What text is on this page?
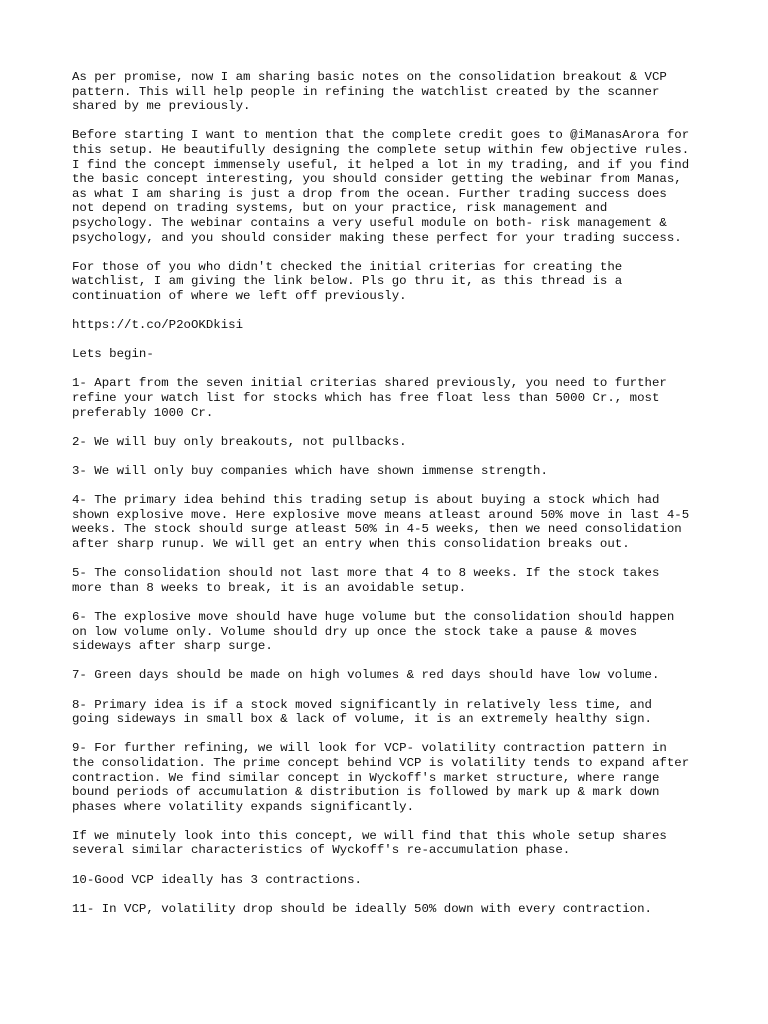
As per promise, now I am sharing basic notes on the consolidation breakout & VCP
pattern. This will help people in refining the watchlist created by the scanner
shared by me previously.

Before starting I want to mention that the complete credit goes to @iManasArora for
this setup. He beautifully designing the complete setup within few objective rules.
I find the concept immensely useful, it helped a lot in my trading, and if you find
the basic concept interesting, you should consider getting the webinar from Manas,
as what I am sharing is just a drop from the ocean. Further trading success does
not depend on trading systems, but on your practice, risk management and
psychology. The webinar contains a very useful module on both- risk management &
psychology, and you should consider making these perfect for your trading success.

For those of you who didn't checked the initial criterias for creating the
watchlist, I am giving the link below. Pls go thru it, as this thread is a
continuation of where we left off previously.

https://t.co/P2oOKDkisi

Lets begin-

1- Apart from the seven initial criterias shared previously, you need to further
refine your watch list for stocks which has free float less than 5000 Cr., most
preferably 1000 Cr.

2- We will buy only breakouts, not pullbacks.

3- We will only buy companies which have shown immense strength.

4- The primary idea behind this trading setup is about buying a stock which had
shown explosive move. Here explosive move means atleast around 50% move in last 4-5
weeks. The stock should surge atleast 50% in 4-5 weeks, then we need consolidation
after sharp runup. We will get an entry when this consolidation breaks out.

5- The consolidation should not last more that 4 to 8 weeks. If the stock takes
more than 8 weeks to break, it is an avoidable setup.

6- The explosive move should have huge volume but the consolidation should happen
on low volume only. Volume should dry up once the stock take a pause & moves
sideways after sharp surge.

7- Green days should be made on high volumes & red days should have low volume.

8- Primary idea is if a stock moved significantly in relatively less time, and
going sideways in small box & lack of volume, it is an extremely healthy sign.

9- For further refining, we will look for VCP- volatility contraction pattern in
the consolidation. The prime concept behind VCP is volatility tends to expand after
contraction. We find similar concept in Wyckoff's market structure, where range
bound periods of accumulation & distribution is followed by mark up & mark down
phases where volatility expands significantly.

If we minutely look into this concept, we will find that this whole setup shares
several similar characteristics of Wyckoff's re-accumulation phase.

10-Good VCP ideally has 3 contractions.

11- In VCP, volatility drop should be ideally 50% down with every contraction.
